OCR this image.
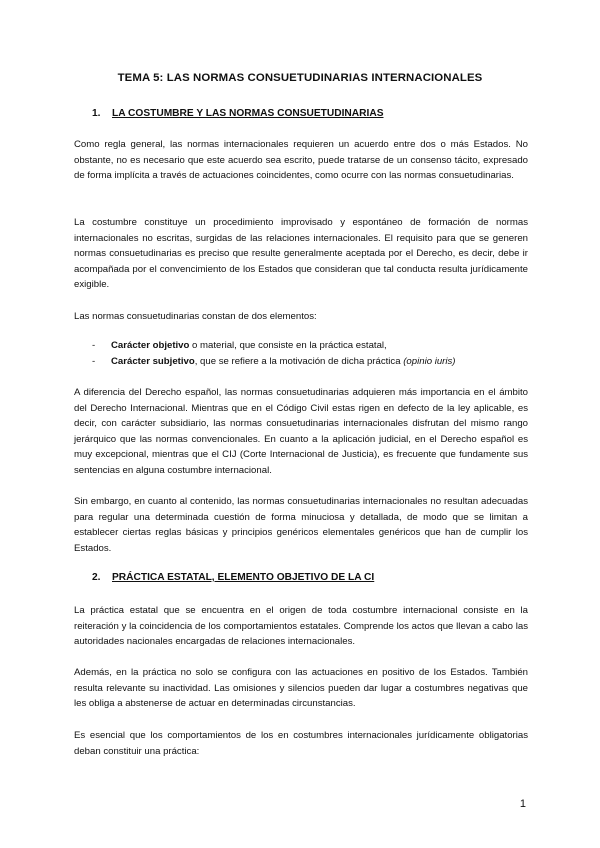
TEMA 5: LAS NORMAS CONSUETUDINARIAS INTERNACIONALES
1. LA COSTUMBRE Y LAS NORMAS CONSUETUDINARIAS

Como regla general, las normas internacionales requieren un acuerdo entre dos o más Estados. No obstante, no es necesario que este acuerdo sea escrito, puede tratarse de un consenso tácito, expresado de forma implícita a través de actuaciones coincidentes, como ocurre con las normas consuetudinarias.

La costumbre constituye un procedimiento improvisado y espontáneo de formación de normas internacionales no escritas, surgidas de las relaciones internacionales. El requisito para que se generen normas consuetudinarias es preciso que resulte generalmente aceptada por el Derecho, es decir, debe ir acompañada por el convencimiento de los Estados que consideran que tal conducta resulta jurídicamente exigible.

Las normas consuetudinarias constan de dos elementos:

- Carácter objetivo o material, que consiste en la práctica estatal,
- Carácter subjetivo, que se refiere a la motivación de dicha práctica (opinio iuris)

A diferencia del Derecho español, las normas consuetudinarias adquieren más importancia en el ámbito del Derecho Internacional. Mientras que en el Código Civil estas rigen en defecto de la ley aplicable, es decir, con carácter subsidiario, las normas consuetudinarias internacionales disfrutan del mismo rango jerárquico que las normas convencionales. En cuanto a la aplicación judicial, en el Derecho español es muy excepcional, mientras que el CIJ (Corte Internacional de Justicia), es frecuente que fundamente sus sentencias en alguna costumbre internacional.

Sin embargo, en cuanto al contenido, las normas consuetudinarias internacionales no resultan adecuadas para regular una determinada cuestión de forma minuciosa y detallada, de modo que se limitan a establecer ciertas reglas básicas y principios genéricos elementales genéricos que han de cumplir los Estados.

2. PRÁCTICA ESTATAL, ELEMENTO OBJETIVO DE LA CI

La práctica estatal que se encuentra en el origen de toda costumbre internacional consiste en la reiteración y la coincidencia de los comportamientos estatales. Comprende los actos que llevan a cabo las autoridades nacionales encargadas de relaciones internacionales.

Además, en la práctica no solo se configura con las actuaciones en positivo de los Estados. También resulta relevante su inactividad. Las omisiones y silencios pueden dar lugar a costumbres negativas que les obliga a abstenerse de actuar en determinadas circunstancias.

Es esencial que los comportamientos de los en costumbres internacionales jurídicamente obligatorias deban constituir una práctica:

1
